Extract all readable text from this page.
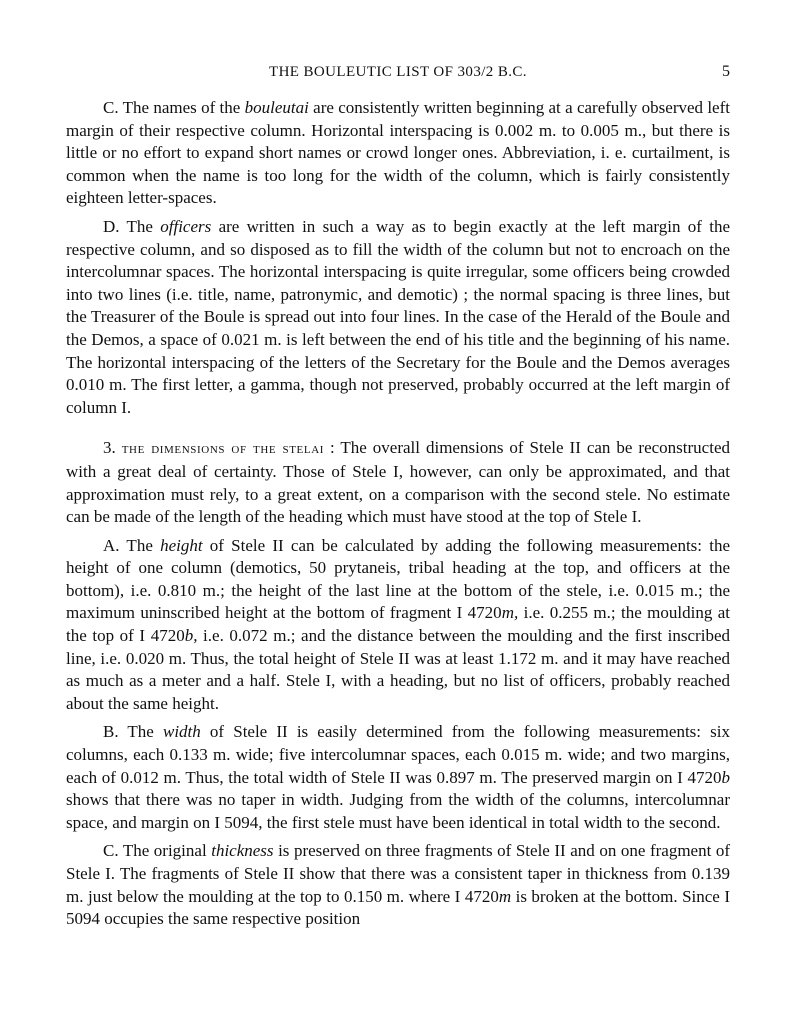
THE BOULEUTIC LIST OF 303/2 B.C.	5

C. The names of the bouleutai are consistently written beginning at a carefully observed left margin of their respective column. Horizontal interspacing is 0.002 m. to 0.005 m., but there is little or no effort to expand short names or crowd longer ones. Abbreviation, i. e. curtailment, is common when the name is too long for the width of the column, which is fairly consistently eighteen letter-spaces.

D. The officers are written in such a way as to begin exactly at the left margin of the respective column, and so disposed as to fill the width of the column but not to encroach on the intercolumnar spaces. The horizontal interspacing is quite irregular, some officers being crowded into two lines (i.e. title, name, patronymic, and demotic) ; the normal spacing is three lines, but the Treasurer of the Boule is spread out into four lines. In the case of the Herald of the Boule and the Demos, a space of 0.021 m. is left between the end of his title and the beginning of his name. The horizontal interspacing of the letters of the Secretary for the Boule and the Demos averages 0.010 m. The first letter, a gamma, though not preserved, probably occurred at the left margin of column I.

3. the dimensions of the stelai : The overall dimensions of Stele II can be reconstructed with a great deal of certainty. Those of Stele I, however, can only be approximated, and that approximation must rely, to a great extent, on a comparison with the second stele. No estimate can be made of the length of the heading which must have stood at the top of Stele I.

A. The height of Stele II can be calculated by adding the following measurements: the height of one column (demotics, 50 prytaneis, tribal heading at the top, and officers at the bottom), i.e. 0.810 m.; the height of the last line at the bottom of the stele, i.e. 0.015 m.; the maximum uninscribed height at the bottom of fragment I 4720m, i.e. 0.255 m.; the moulding at the top of I 4720b, i.e. 0.072 m.; and the distance between the moulding and the first inscribed line, i.e. 0.020 m. Thus, the total height of Stele II was at least 1.172 m. and it may have reached as much as a meter and a half. Stele I, with a heading, but no list of officers, probably reached about the same height.

B. The width of Stele II is easily determined from the following measurements: six columns, each 0.133 m. wide; five intercolumnar spaces, each 0.015 m. wide; and two margins, each of 0.012 m. Thus, the total width of Stele II was 0.897 m. The preserved margin on I 4720b shows that there was no taper in width. Judging from the width of the columns, intercolumnar space, and margin on I 5094, the first stele must have been identical in total width to the second.

C. The original thickness is preserved on three fragments of Stele II and on one fragment of Stele I. The fragments of Stele II show that there was a consistent taper in thickness from 0.139 m. just below the moulding at the top to 0.150 m. where I 4720m is broken at the bottom. Since I 5094 occupies the same respective position
